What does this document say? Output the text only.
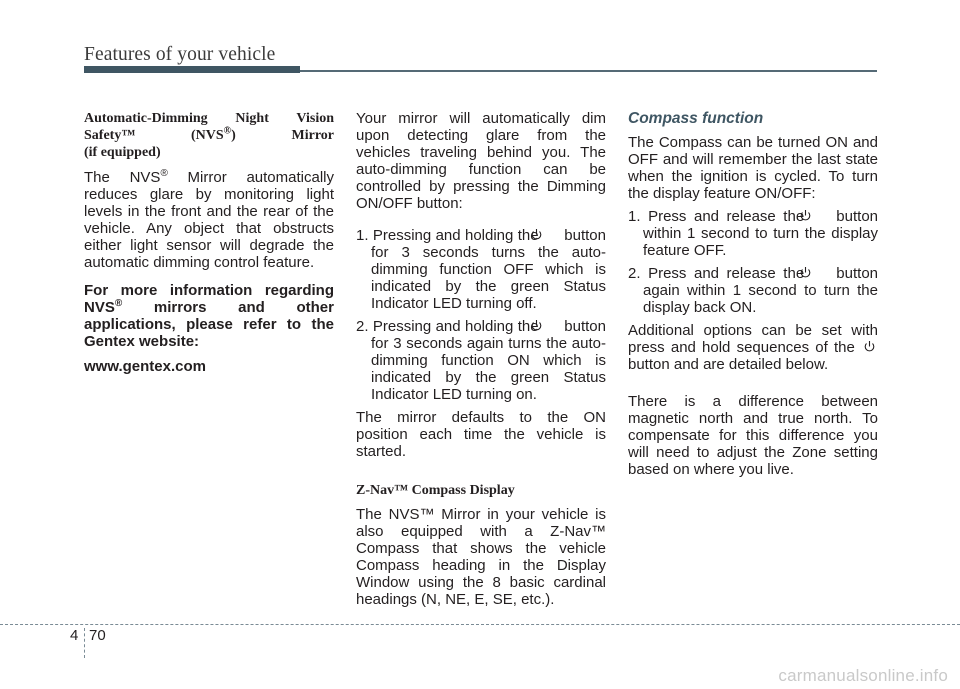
Features of your vehicle
Automatic-Dimming Night Vision
Safety™	(NVS®)	Mirror
(if equipped)

The NVS® Mirror automatically reduces glare by monitoring light levels in the front and the rear of the vehicle. Any object that obstructs either light sensor will degrade the automatic dimming control feature.

For more information regarding NVS® mirrors and other applications, please refer to the Gentex website:

www.gentex.com

Your mirror will automatically dim upon detecting glare from the vehicles traveling behind you. The auto-dimming function can be controlled by pressing the Dimming ON/OFF button:

1. Pressing and holding the button for 3 seconds turns the auto-dimming function OFF which is indicated by the green Status Indicator LED turning off.

2. Pressing and holding the button for 3 seconds again turns the auto-dimming function ON which is indicated by the green Status Indicator LED turning on.

The mirror defaults to the ON position each time the vehicle is started.

Z-Nav™ Compass Display

The NVS™ Mirror in your vehicle is also equipped with a Z-Nav™ Compass that shows the vehicle Compass heading in the Display Window using the 8 basic cardinal headings (N, NE, E, SE, etc.).

Compass function

The Compass can be turned ON and OFF and will remember the last state when the ignition is cycled. To turn the display feature ON/OFF:

1. Press and release the button within 1 second to turn the display feature OFF.

2. Press and release the button again within 1 second to turn the display back ON.

Additional options can be set with press and hold sequences of the  button and are detailed below.

There is a difference between magnetic north and true north. To compensate for this difference you will need to adjust the Zone setting based on where you live.

4 70
carmanualsonline.info
